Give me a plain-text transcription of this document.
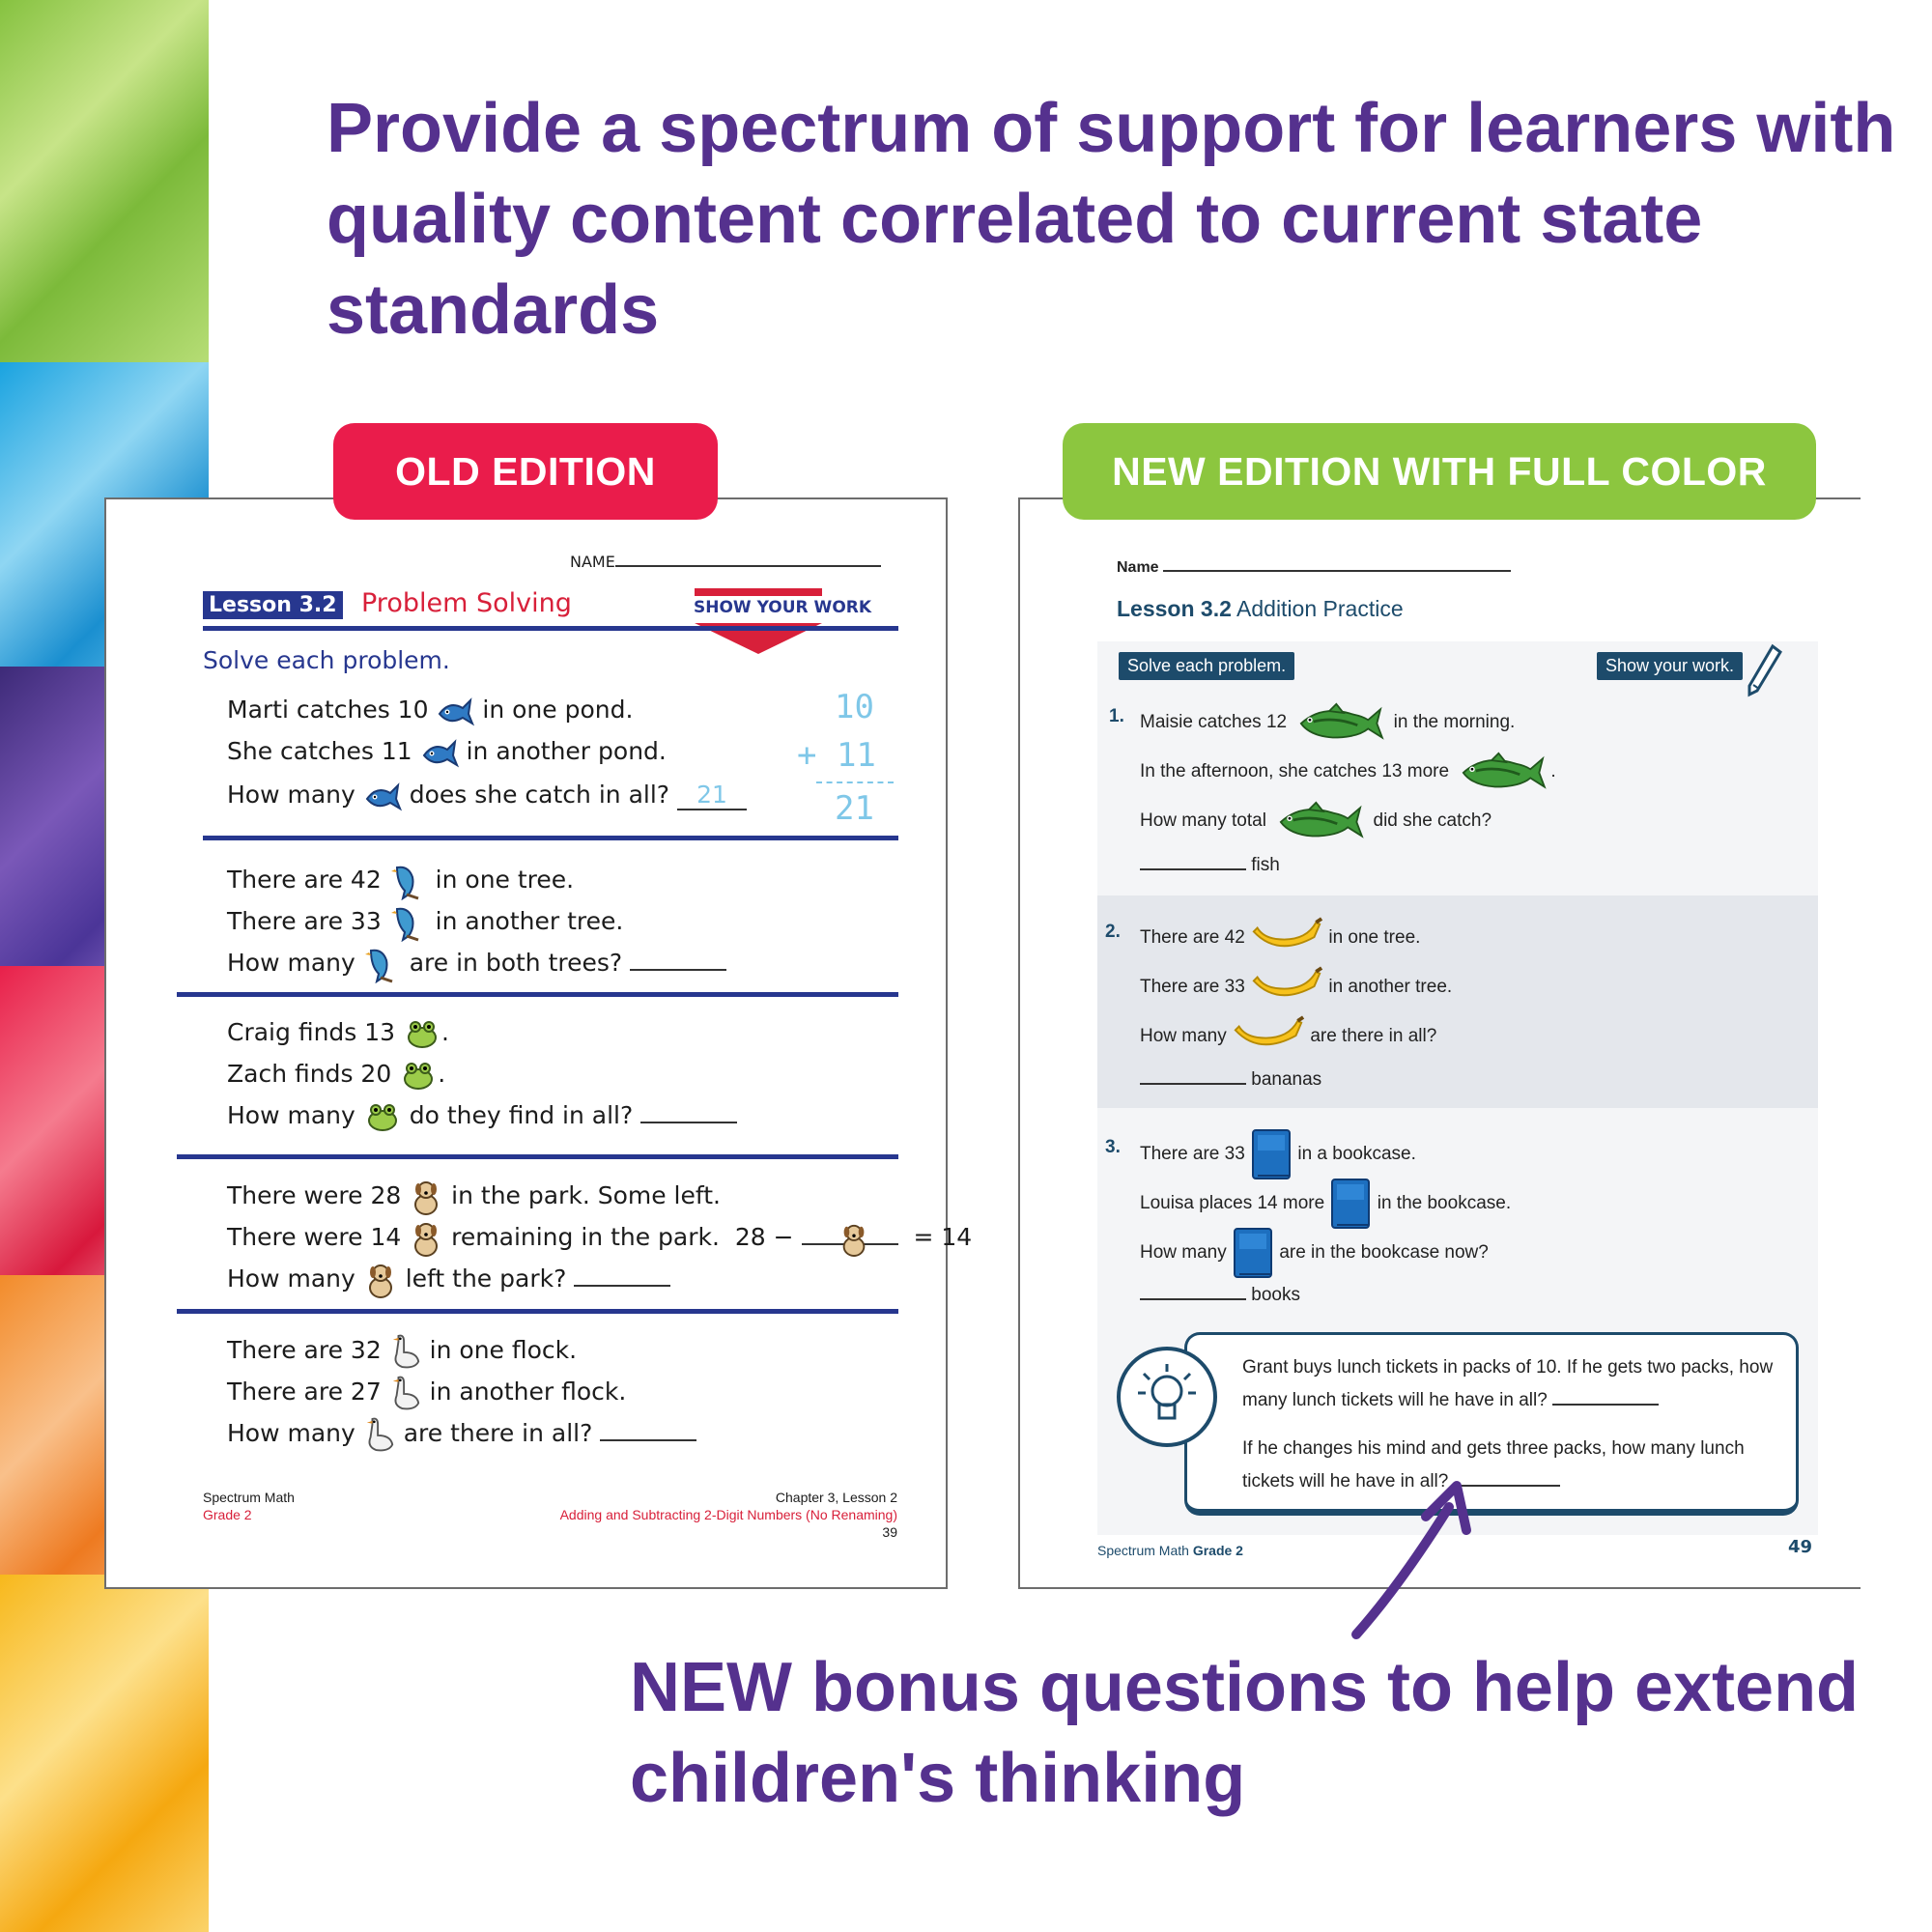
Provide a spectrum of support for learners with quality content correlated to current state standards
NAME
Lesson 3.2 Problem Solving	SHOW YOUR WORK
Solve each problem.
Marti catches 10 in one pond.
She catches 11 in another pond.
How many does she catch in all? 21
10
+ 11
21
There are 42 in one tree.
There are 33 in another tree.
How many are in both trees?
Craig finds 13 .
Zach finds 20 .
How many do they find in all?
There were 28 in the park. Some left.
There were 14 remaining in the park. 28 −	= 14
How many left the park?
There are 32 in one flock.
There are 27 in another flock.
How many are there in all?
Spectrum Math
Grade 2
Chapter 3, Lesson 2
Adding and Subtracting 2-Digit Numbers (No Renaming)
39
OLD EDITION
Name
Lesson 3.2 Addition Practice
Solve each problem.	Show your work.
1. Maisie catches 12	in the morning.
In the afternoon, she catches 13 more	.
How many total	did she catch?
fish
2. There are 42	in one tree.
There are 33	in another tree.
How many	are there in all?
bananas
3. There are 33	in a bookcase.
Louisa places 14 more	in the bookcase.
How many	are in the bookcase now?
books
Grant buys lunch tickets in packs of 10. If he gets two packs, how
many lunch tickets will he have in all?
If he changes his mind and gets three packs, how many lunch
tickets will he have in all?
Spectrum Math Grade 2	49
NEW EDITION WITH FULL COLOR
NEW bonus questions to help extend children's thinking
